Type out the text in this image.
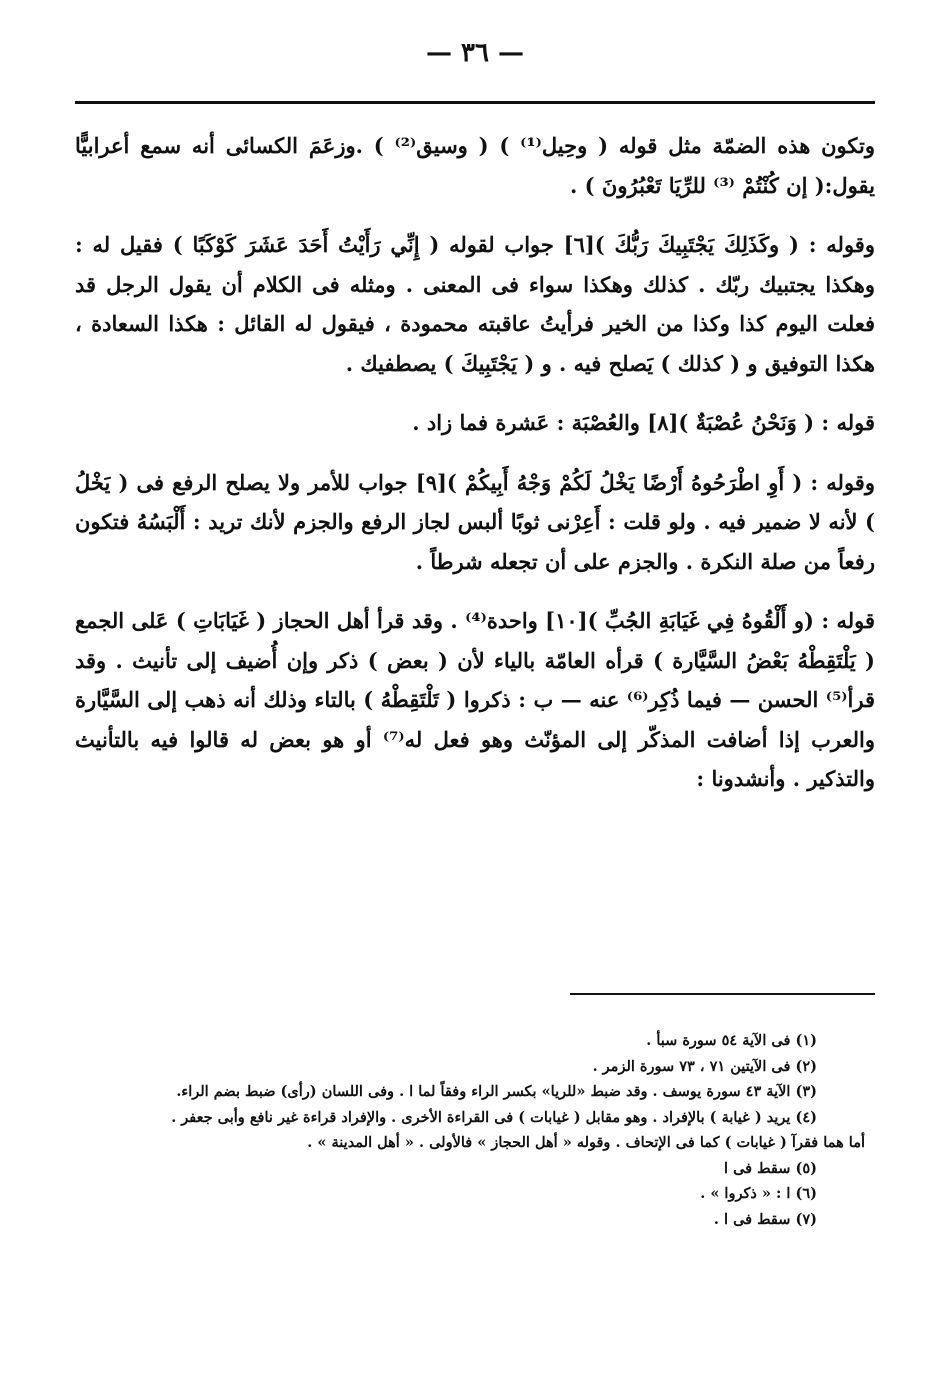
— ٣٦ —

وتكون هذه الضمّة مثل قوله ( وحِيل⁽¹⁾ ) ( وسيق⁽²⁾ ) .وزعَمَ الكسائى أنه سمع أعرابيًّا يقول:( إن كُنْتُمْ ⁽³⁾ للرِّيَا تَعْبُرُونَ ) .

وقوله : ( وكَذَلِكَ يَجْتَبِيكَ رَبُّكَ )[٦] جواب لقوله ( إِنِّي رَأَيْتُ أَحَدَ عَشَرَ كَوْكَبًا ) فقيل له : وهكذا يجتبيك ربّك . كذلك وهكذا سواء فى المعنى . ومثله فى الكلام أن يقول الرجل قد فعلت اليوم كذا وكذا من الخير فرأيتُ عاقبته محمودة ، فيقول له القائل : هكذا السعادة ، هكذا التوفيق و ( كذلك ) يَصلح فيه . و ( يَجْتَبِيكَ ) يصطفيك .

قوله : ( وَنَحْنُ عُصْبَةٌ )[٨] والعُصْبَة : عَشرة فما زاد .

وقوله : ( أَوِ اطْرَحُوهُ أَرْضًا يَخْلُ لَكُمْ وَجْهُ أَبِيكُمْ )[٩] جواب للأمر ولا يصلح الرفع فى ( يَخْلُ ) لأنه لا ضمير فيه . ولو قلت : أَعِرْنى ثوبًا ألبس لجاز الرفع والجزم لأنك تريد : أَلْبَسُهُ فتكون رفعاً من صلة النكرة . والجزم على أن تجعله شرطاً .

قوله : (و أَلْقُوهُ فِي غَيَابَةِ الجُبِّ )[١٠] واحدة⁽⁴⁾ . وقد قرأ أهل الحجاز ( غَيَابَاتِ ) عَلى الجمع ( يَلْتَقِطْهُ بَعْضُ السَّيَّارة ) قرأه العامّة بالياء لأن ( بعض ) ذكر وإن أُضيف إلى تأنيث . وقد قرأ⁽⁵⁾ الحسن — فيما ذُكِر⁽⁶⁾ عنه — ب : ذكروا ( تَلْتَقِطْهُ ) بالتاء وذلك أنه ذهب إلى السَّيَّارة والعرب إذا أضافت المذكّر إلى المؤنّث وهو فعل له⁽⁷⁾ أو هو بعض له قالوا فيه بالتأنيث والتذكير . وأنشدونا :

(١) فى الآية ٥٤ سورة سبأ .
(٢) فى الآيتين ٧١ ، ٧٣ سورة الزمر .
(٣) الآية ٤٣ سورة يوسف . وقد ضبط «للريا» بكسر الراء وفقاً لما ا . وفى اللسان (رأى) ضبط بضم الراء.
(٤) يريد ( غيابة ) بالإفراد . وهو مقابل ( غيابات ) فى القراءة الأخرى . والإفراد قراءة غير نافع وأبى جعفر .
أما هما فقرآ ( غيابات ) كما فى الإتحاف . وقوله « أهل الحجاز » فالأولى . « أهل المدينة » .
(٥) سقط فى ا
(٦) ا : « ذكروا » .
(٧) سقط فى ا .
